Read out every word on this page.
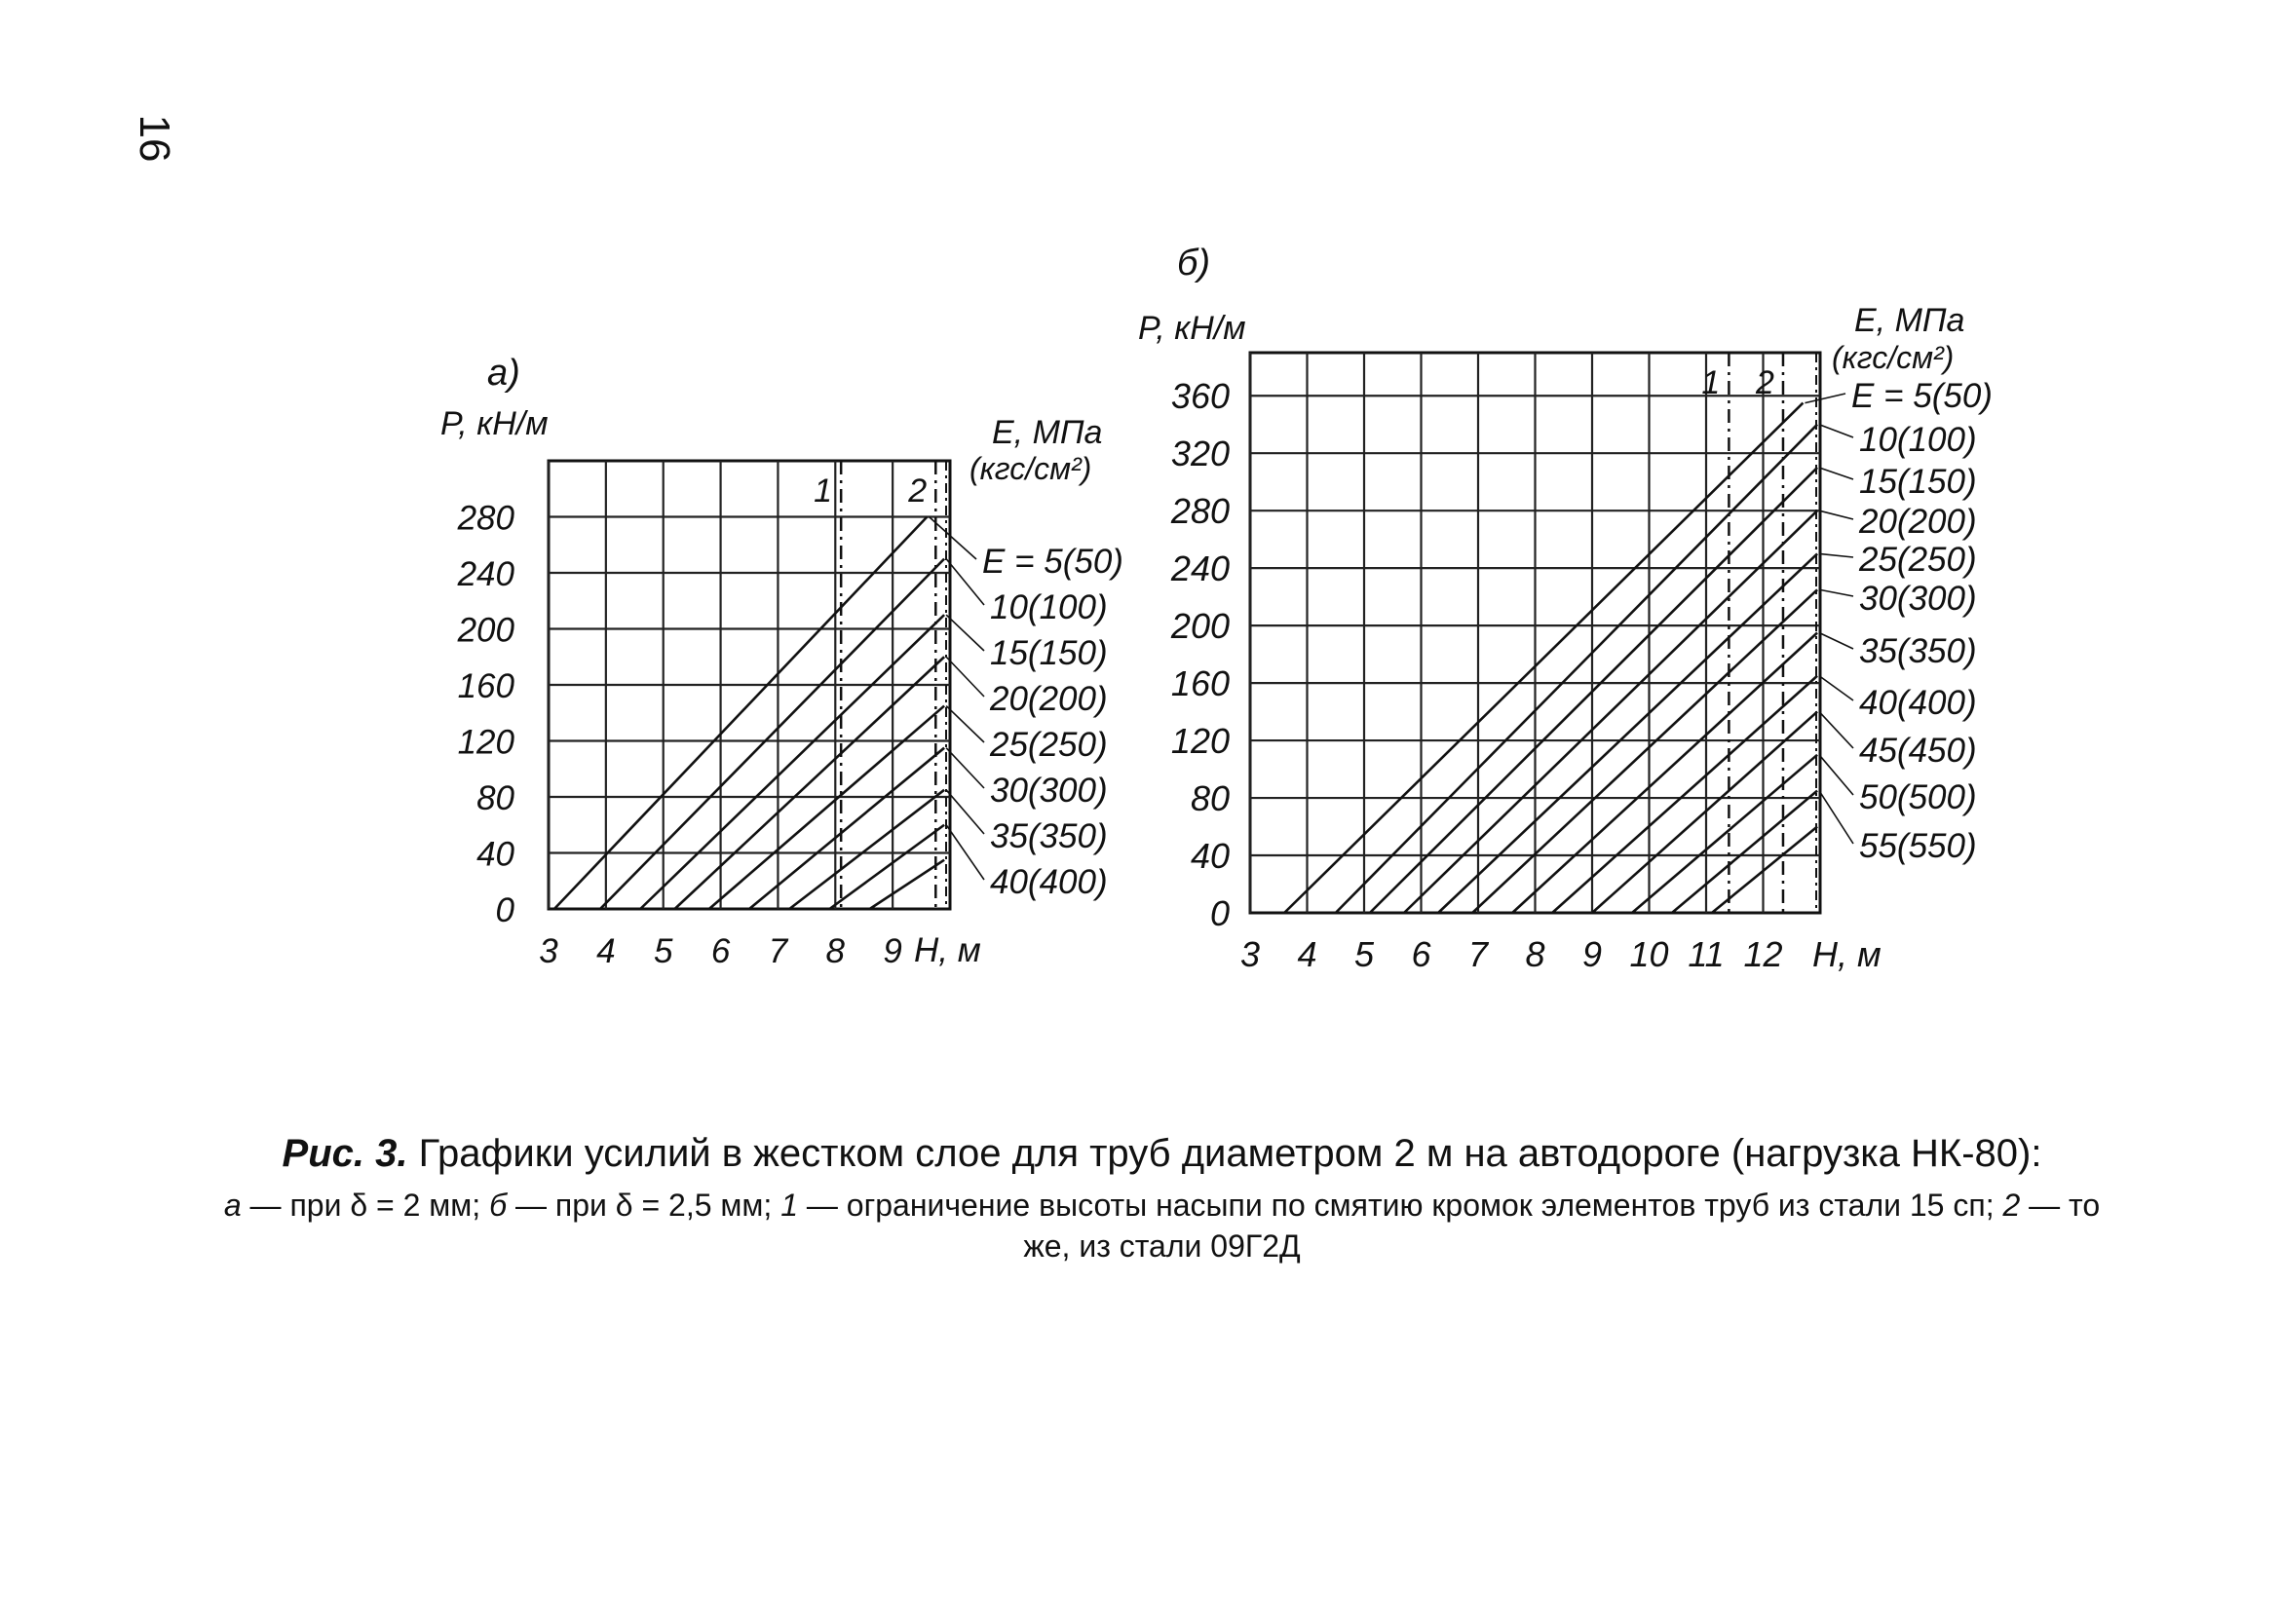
16
3 4 5 6 7 8 9
0
40
80
120
160
200
240
280
а)
P, кН/м
H, м
E, МПа
(кгс/см²)
1 2
E = 5(50)
10(100)
15(150)
20(200)
25(250)
30(300)
35(350)
40(400)
3 4 5 6 7 8 9 10 11 12
0
40
80
120
160
200
240
280
320
360
б)
P, кН/м
H, м
E, МПа
(кгс/см²)
1 2 E = 5(50)
10(100)
15(150)
20(200)
25(250)
30(300)
35(350)
40(400)
45(450)
50(500)
55(550)
Рис. 3. Графики усилий в жестком слое для труб диаметром 2 м на автодороге (нагрузка НК-80):
а — при δ = 2 мм; б — при δ = 2,5 мм; 1 — ограничение высоты насыпи по смятию кромок элементов труб из стали 15 сп; 2 — то же, из стали 09Г2Д
